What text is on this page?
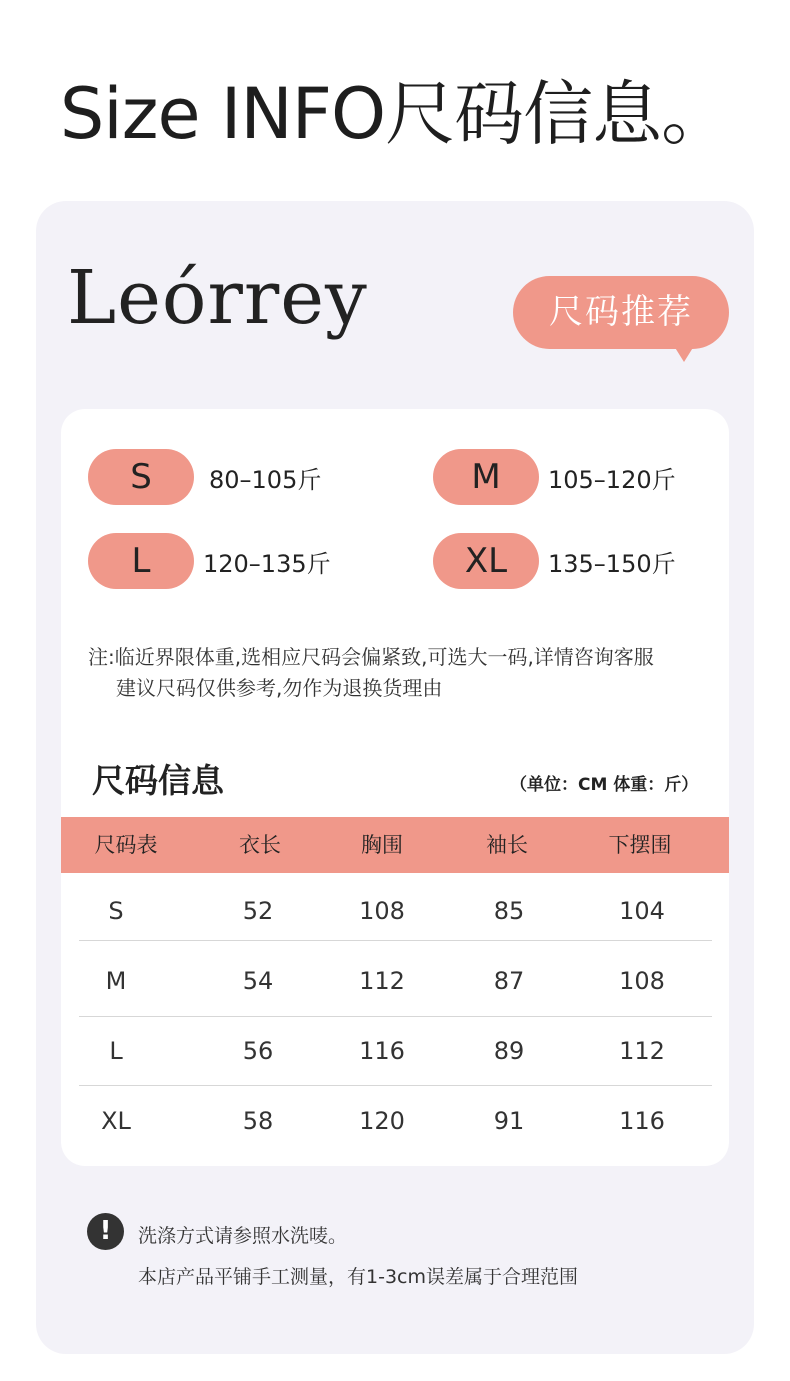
Size INFO尺码信息。
Leórrey	尺码推荐
S	80–105斤	M	105–120斤
L	120–135斤	XL	135–150斤
注:临近界限体重,选相应尺码会偏紧致,可选大一码,详情咨询客服
建议尺码仅供参考,勿作为退换货理由
尺码信息	（单位：CM 体重：斤）
尺码表	衣长	胸围	袖长	下摆围
S	52	108	85	104
M	54	112	87	108
L	56	116	89	112
XL	58	120	91	116
!	洗涤方式请参照水洗唛。
本店产品平铺手工测量，有1-3cm误差属于合理范围
